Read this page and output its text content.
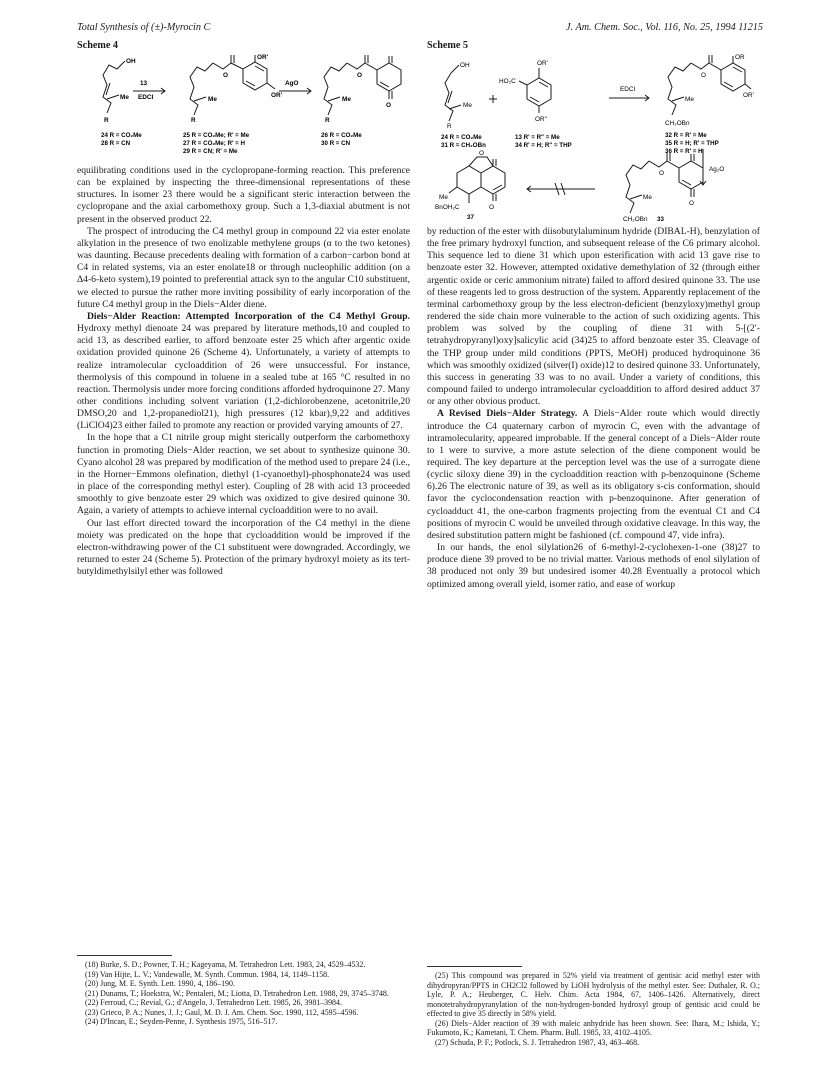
Total Synthesis of (±)-Myrocin C	J. Am. Chem. Soc., Vol. 116, No. 25, 1994 11215
Scheme 4
OH
Me
R
13
EDCI	Me
R
O
OR'
OR'
AgO
Me
R
O
O
24 R = CO₂Me
28 R = CN
25 R = CO₂Me; R' = Me
27 R = CO₂Me; R' = H
29 R = CN; R' = Me
26 R = CO₂Me
30 R = CN

equilibrating conditions used in the cyclopropane-forming reaction. This preference can be explained by inspecting the three-dimensional representations of these structures. In isomer 23 there would be a significant steric interaction between the cyclopropane and the axial carbomethoxy group. Such a 1,3-diaxial abutment is not present in the observed product 22.

The prospect of introducing the C4 methyl group in compound 22 via ester enolate alkylation in the presence of two enolizable methylene groups (α to the two ketones) was daunting. Because precedents dealing with formation of a carbon−carbon bond at C4 in related systems, via an ester enolate18 or through nucleophilic addition (on a Δ4-6-keto system),19 pointed to preferential attack syn to the angular C10 substituent, we elected to pursue the rather more inviting possibility of early incorporation of the future C4 methyl group in the Diels−Alder diene.

Diels−Alder Reaction: Attempted Incorporation of the C4 Methyl Group. Hydroxy methyl dienoate 24 was prepared by literature methods,10 and coupled to acid 13, as described earlier, to afford benzoate ester 25 which after argentic oxide oxidation provided quinone 26 (Scheme 4). Unfortunately, a variety of attempts to realize intramolecular cycloaddition of 26 were unsuccessful. For instance, thermolysis of this compound in toluene in a sealed tube at 165 °C resulted in no reaction. Thermolysis under more forcing conditions afforded hydroquinone 27. Many other conditions including solvent variation (1,2-dichlorobenzene, acetonitrile,20 DMSO,20 and 1,2-propanediol21), high pressures (12 kbar),9,22 and additives (LiClO4)23 either failed to promote any reaction or provided varying amounts of 27.

In the hope that a C1 nitrile group might sterically outperform the carbomethoxy function in promoting Diels−Alder reaction, we set about to synthesize quinone 30. Cyano alcohol 28 was prepared by modification of the method used to prepare 24 (i.e., in the Horner−Emmons olefination, diethyl (1-cyanoethyl)-phosphonate24 was used in place of the corresponding methyl ester). Coupling of 28 with acid 13 proceeded smoothly to give benzoate ester 29 which was oxidized to give desired quinone 30. Again, a variety of attempts to achieve internal cycloaddition were to no avail.

Our last effort directed toward the incorporation of the C4 methyl in the diene moiety was predicated on the hope that cycloaddition would be improved if the electron-withdrawing power of the C1 substituent were downgraded. Accordingly, we returned to ester 24 (Scheme 5). Protection of the primary hydroxyl moiety as its tert-butyldimethylsilyl ether was followed

(18) Burke, S. D.; Powner, T. H.; Kageyama, M. Tetrahedron Lett. 1983, 24, 4529–4532.

(19) Van Hijte, L. V.; Vandewalle, M. Synth. Commun. 1984, 14, 1149–1158.

(20) Jung, M. E. Synth. Lett. 1990, 4, 186–190.

(21) Dunams, T.; Hoekstra, W.; Pentaleri, M.; Liotta, D. Tetrahedron Lett. 1988, 29, 3745–3748.

(22) Ferroud, C.; Revial, G.; d'Angelo, J. Tetrahedron Lett. 1985, 26, 3981–3984.

(23) Grieco, P. A.; Nunes, J. J.; Gaul, M. D. J. Am. Chem. Soc. 1990, 112, 4595–4596.

(24) D'Incan, E.; Seyden-Penne, J. Synthesis 1975, 516–517.

Scheme 5
OH
Me
R
HO₂C
OR'
OR"
EDCI
Me
CH₂OBn
O
OR
OR'
Ag₂O
Me
CH₂OBn
O
O
Me
BnOH₂C	O
O
24 R = CO₂Me
31 R = CH₂OBn
13 R' = R" = Me
34 R' = H; R" = THP
32 R = R' = Me
35 R = H; R' = THP
36 R = R' = H
37	33

by reduction of the ester with diisobutylaluminum hydride (DIBAL-H), benzylation of the free primary hydroxyl function, and subsequent release of the C6 primary alcohol. This sequence led to diene 31 which upon esterification with acid 13 gave rise to benzoate ester 32. However, attempted oxidative demethylation of 32 (through either argentic oxide or ceric ammonium nitrate) failed to afford desired quinone 33. The use of these reagents led to gross destruction of the system. Apparently replacement of the terminal carbomethoxy group by the less electron-deficient (benzyloxy)methyl group rendered the side chain more vulnerable to the action of such oxidizing agents. This problem was solved by the coupling of diene 31 with 5-[(2′-tetrahydropyranyl)oxy]salicylic acid (34)25 to afford benzoate ester 35. Cleavage of the THP group under mild conditions (PPTS, MeOH) produced hydroquinone 36 which was smoothly oxidized (silver(I) oxide)12 to desired quinone 33. Unfortunately, this success in generating 33 was to no avail. Under a variety of conditions, this compound failed to undergo intramolecular cycloaddition to afford desired adduct 37 or any other obvious product.

A Revised Diels−Alder Strategy. A Diels−Alder route which would directly introduce the C4 quaternary carbon of myrocin C, even with the advantage of intramolecularity, appeared improbable. If the general concept of a Diels−Alder route to 1 were to survive, a more astute selection of the diene component would be required. The key departure at the perception level was the use of a surrogate diene (cyclic siloxy diene 39) in the cycloaddition reaction with p-benzoquinone (Scheme 6).26 The electronic nature of 39, as well as its obligatory s-cis conformation, should favor the cyclocondensation reaction with p-benzoquinone. After generation of cycloadduct 41, the one-carbon fragments projecting from the eventual C1 and C4 positions of myrocin C would be unveiled through oxidative cleavage. In this way, the desired substitution pattern might be fashioned (cf. compound 47, vide infra).

In our hands, the enol silylation26 of 6-methyl-2-cyclohexen-1-one (38)27 to produce diene 39 proved to be no trivial matter. Various methods of enol silylation of 38 produced not only 39 but undesired isomer 40.28 Eventually a protocol which optimized among overall yield, isomer ratio, and ease of workup

(25) This compound was prepared in 52% yield via treatment of gentisic acid methyl ester with dihydropyran/PPTS in CH2Cl2 followed by LiOH hydrolysis of the methyl ester. See: Duthaler, R. O.; Lyle, P. A.; Heuberger, C. Helv. Chim. Acta 1984, 67, 1406–1426. Alternatively, direct monotetrahydropyranylation of the non-hydrogen-bonded hydroxyl group of gentisic acid could be effected to give 35 directly in 58% yield.

(26) Diels−Alder reaction of 39 with maleic anhydride has been shown. See: Ihara, M.; Ishida, Y.; Fukumoto, K.; Kametani, T. Chem. Pharm. Bull. 1985, 33, 4102–4105.

(27) Schuda, P. F.; Potlock, S. J. Tetrahedron 1987, 43, 463–468.
